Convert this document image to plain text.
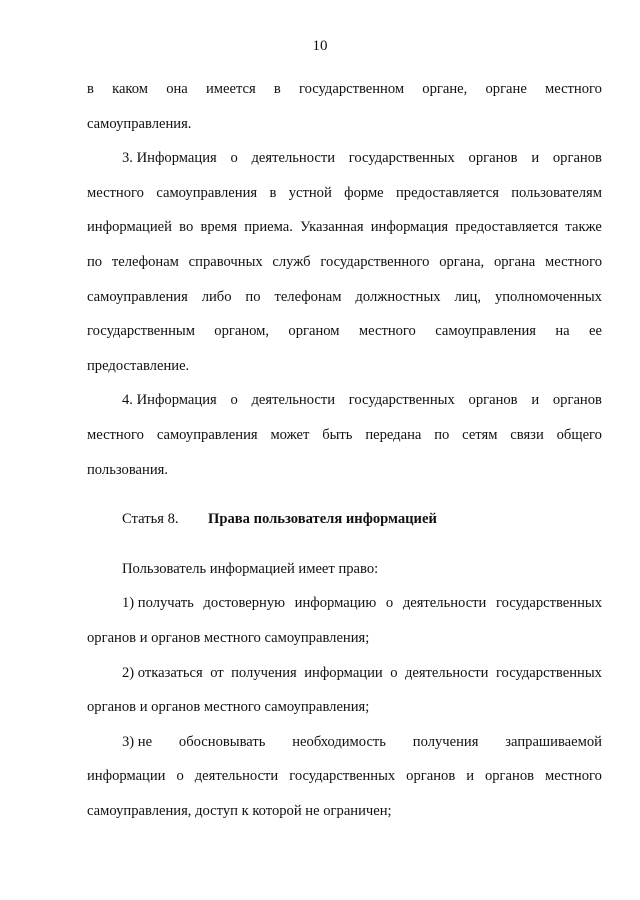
10
в каком она имеется в государственном органе, органе местного
самоуправления.
3. Информация о деятельности государственных органов и органов
местного самоуправления в устной форме предоставляется пользователям
информацией во время приема. Указанная информация предоставляется также
по телефонам справочных служб государственного органа, органа местного
самоуправления либо по телефонам должностных лиц, уполномоченных
государственным органом, органом местного самоуправления на ее
предоставление.
4. Информация о деятельности государственных органов и органов
местного самоуправления может быть передана по сетям связи общего
пользования.
Статья 8.	Права пользователя информацией
Пользователь информацией имеет право:
1) получать достоверную информацию о деятельности государственных
органов и органов местного самоуправления;
2) отказаться от получения информации о деятельности государственных
органов и органов местного самоуправления;
3) не обосновывать необходимость получения запрашиваемой
информации о деятельности государственных органов и органов местного
самоуправления, доступ к которой не ограничен;
